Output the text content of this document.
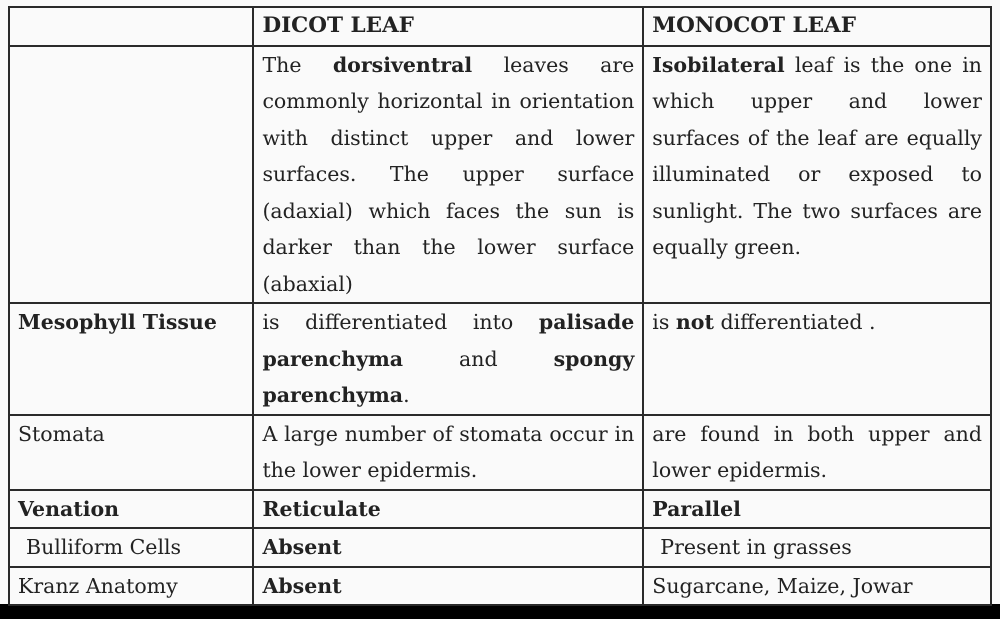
	DICOT LEAF	MONOCOT LEAF
	The dorsiventral leaves are commonly horizontal in orientation with distinct upper and lower surfaces. The upper surface (adaxial) which faces the sun is darker than the lower surface (abaxial)	Isobilateral leaf is the one in which upper and lower surfaces of the leaf are equally illuminated or exposed to sunlight. The two surfaces are equally green.
Mesophyll Tissue	is differentiated into palisade parenchyma and spongy parenchyma.	is not differentiated .
Stomata	A large number of stomata occur in the lower epidermis.	are found in both upper and lower epidermis.
Venation	Reticulate	Parallel
Bulliform Cells	Absent	Present in grasses
Kranz Anatomy	Absent	Sugarcane, Maize, Jowar
